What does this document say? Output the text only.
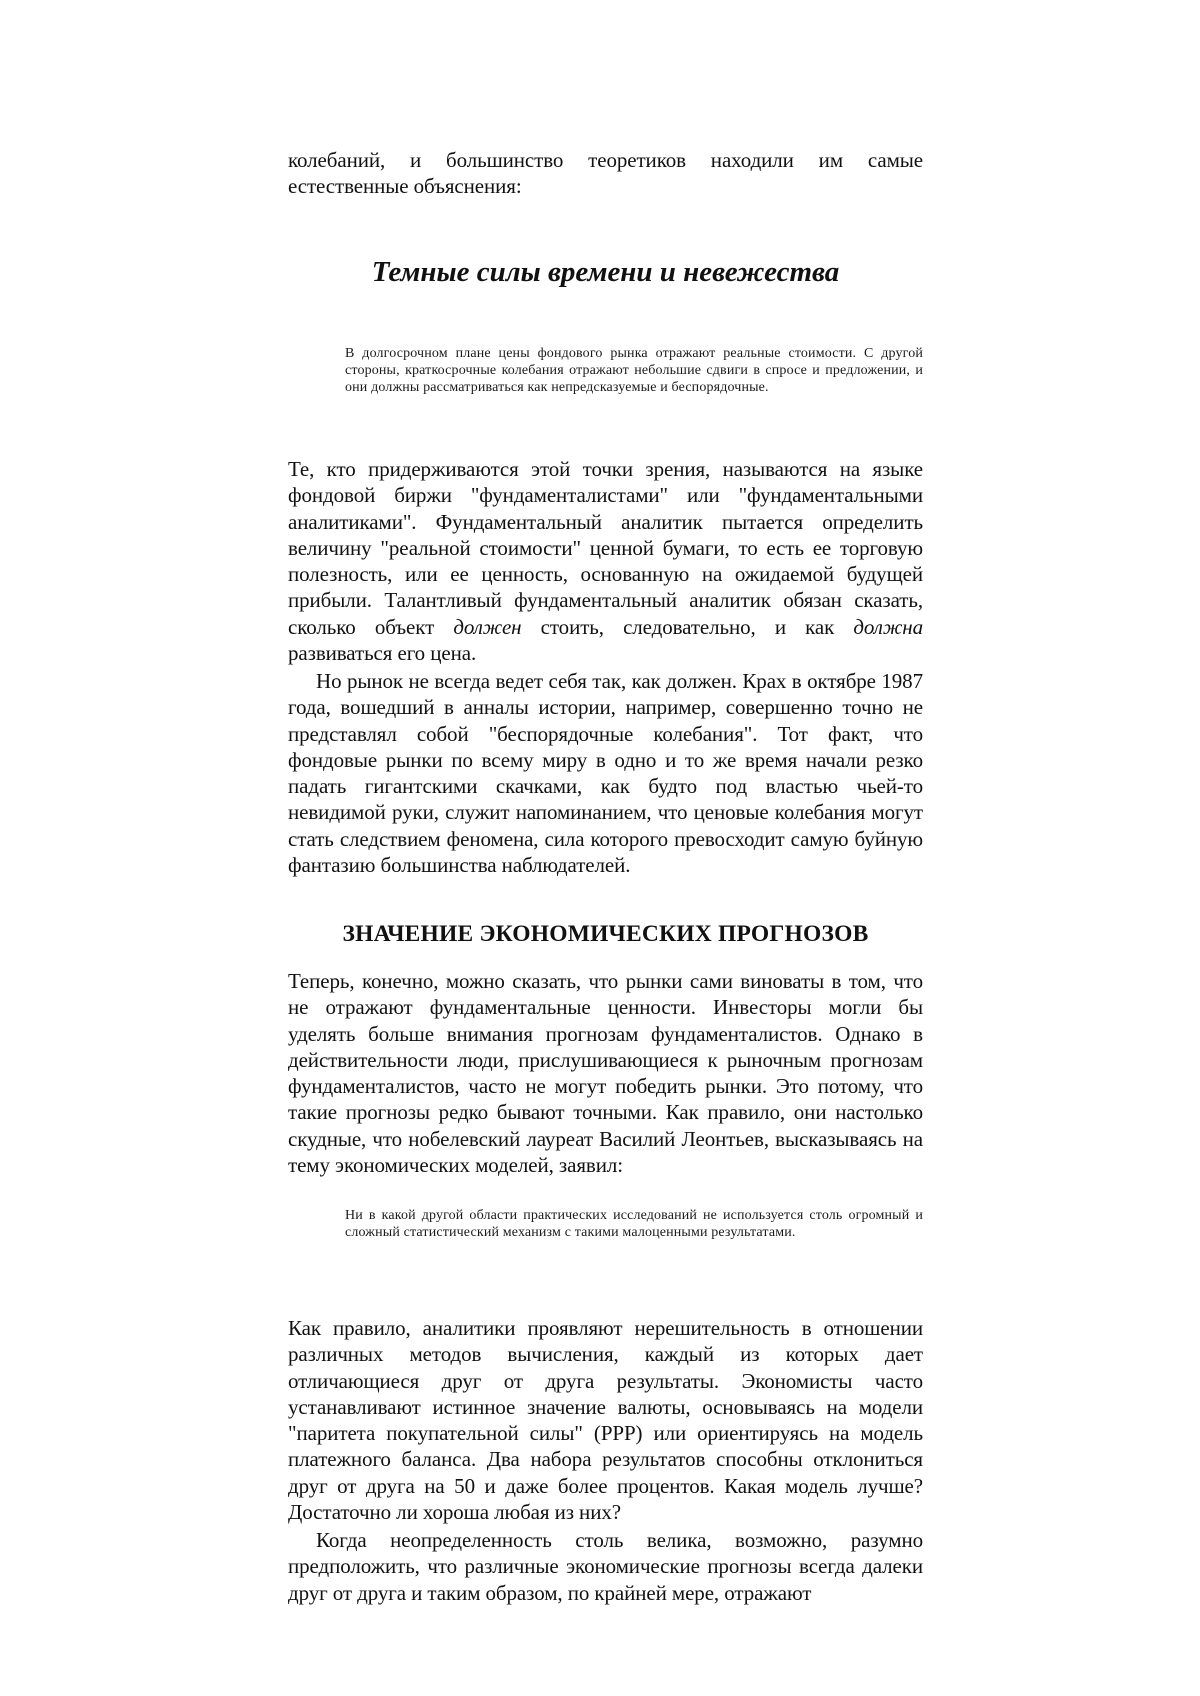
колебаний, и большинство теоретиков находили им самые естественные объяснения:

Темные силы времени и невежества

В долгосрочном плане цены фондового рынка отражают реальные стоимости. С другой стороны, краткосрочные колебания отражают небольшие сдвиги в спросе и предложении, и они должны рассматриваться как непредсказуемые и беспорядочные.

Те, кто придерживаются этой точки зрения, называются на языке фондовой биржи "фундаменталистами" или "фундаментальными аналитиками". Фундаментальный аналитик пытается определить величину "реальной стоимости" ценной бумаги, то есть ее торговую полезность, или ее ценность, основанную на ожидаемой будущей прибыли. Талантливый фундаментальный аналитик обязан сказать, сколько объект должен стоить, следовательно, и как должна развиваться его цена.

Но рынок не всегда ведет себя так, как должен. Крах в октябре 1987 года, вошедший в анналы истории, например, совершенно точно не представлял собой "беспорядочные колебания". Тот факт, что фондовые рынки по всему миру в одно и то же время начали резко падать гигантскими скачками, как будто под властью чьей-то невидимой руки, служит напоминанием, что ценовые колебания могут стать следствием феномена, сила которого превосходит самую буйную фантазию большинства наблюдателей.

ЗНАЧЕНИЕ ЭКОНОМИЧЕСКИХ ПРОГНОЗОВ

Теперь, конечно, можно сказать, что рынки сами виноваты в том, что не отражают фундаментальные ценности. Инвесторы могли бы уделять больше внимания прогнозам фундаменталистов. Однако в действительности люди, прислушивающиеся к рыночным прогнозам фундаменталистов, часто не могут победить рынки. Это потому, что такие прогнозы редко бывают точными. Как правило, они настолько скудные, что нобелевский лауреат Василий Леонтьев, высказываясь на тему экономических моделей, заявил:

Ни в какой другой области практических исследований не используется столь огромный и сложный статистический механизм с такими малоценными результатами.

Как правило, аналитики проявляют нерешительность в отношении различных методов вычисления, каждый из которых дает отличающиеся друг от друга результаты. Экономисты часто устанавливают истинное значение валюты, основываясь на модели "паритета покупательной силы" (PPP) или ориентируясь на модель платежного баланса. Два набора результатов способны отклониться друг от друга на 50 и даже более процентов. Какая модель лучше? Достаточно ли хороша любая из них?

Когда неопределенность столь велика, возможно, разумно предположить, что различные экономические прогнозы всегда далеки друг от друга и таким образом, по крайней мере, отражают
